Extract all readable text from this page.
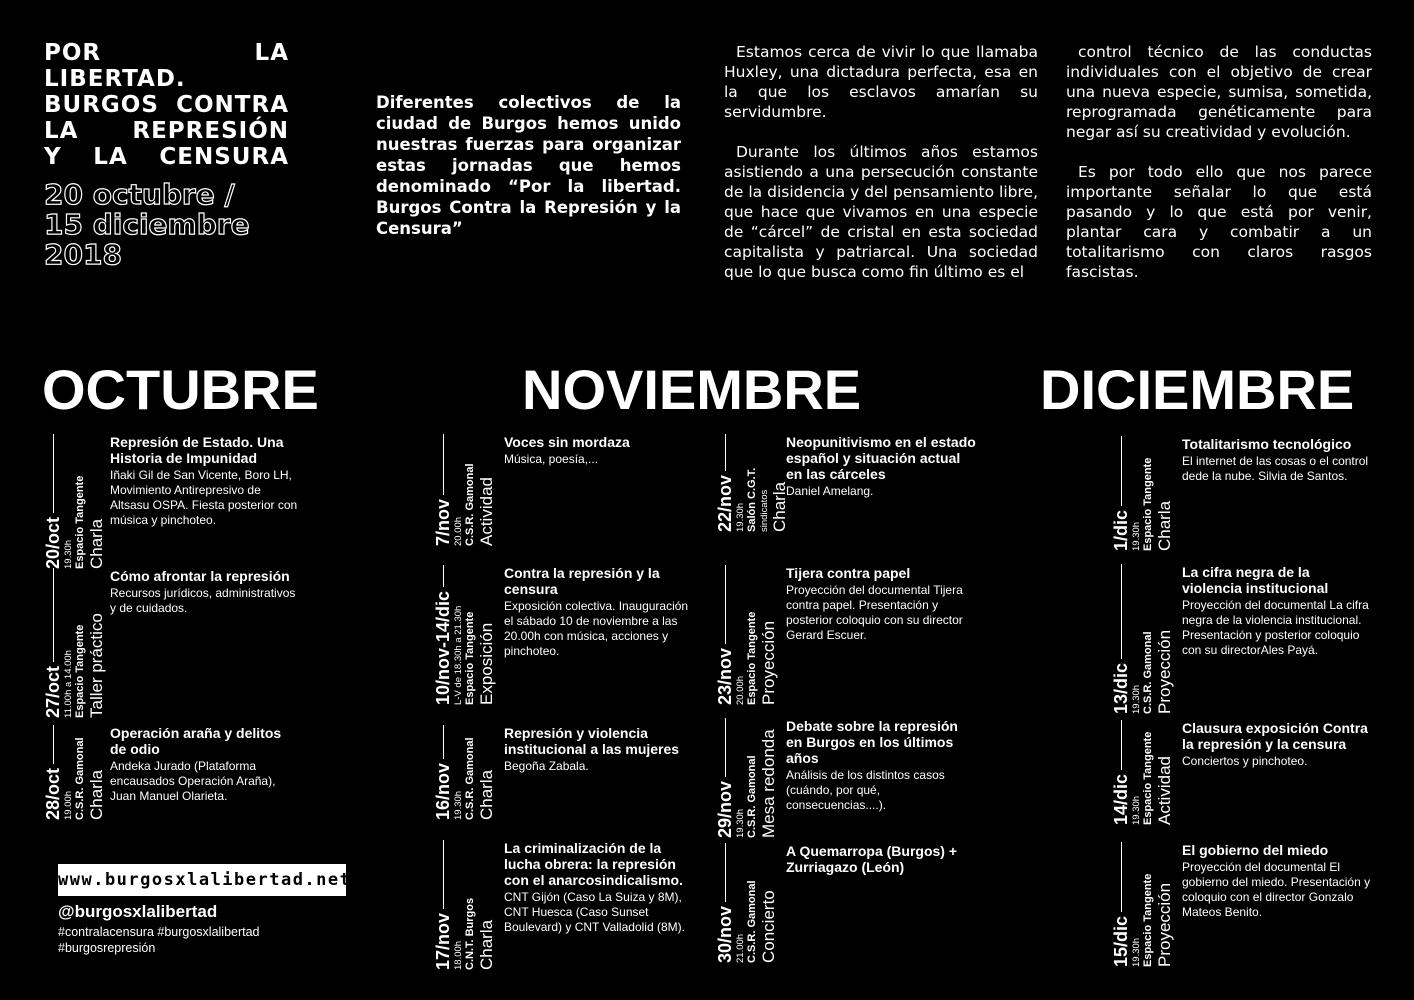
POR LA LIBERTAD.
BURGOS CONTRA
LA REPRESIÓN
Y LA CENSURA
20 octubre /
15 diciembre
2018
Diferentes colectivos de la ciudad de Burgos hemos unido nuestras fuerzas para organizar estas jornadas que hemos denominado “Por la libertad. Burgos Contra la Represión y la Censura”

Estamos cerca de vivir lo que llamaba Huxley, una dictadura perfecta, esa en la que los esclavos amarían su servidumbre.

Durante los últimos años estamos asistiendo a una persecución constante de la disidencia y del pensamiento libre, que hace que vivamos en una especie de “cárcel” de cristal en esta sociedad capitalista y patriarcal. Una sociedad que lo que busca como fin último es el

control técnico de las conductas individuales con el objetivo de crear una nueva especie, sumisa, sometida, reprogramada genéticamente para negar así su creatividad y evolución.

Es por todo ello que nos parece importante señalar lo que está pasando y lo que está por venir, plantar cara y combatir a un totalitarismo con claros rasgos fascistas.

OCTUBRE	NOVIEMBRE	DICIEMBRE
20/oct 19.30h Espacio Tangente Charla
Represión de Estado. Una Historia de Impunidad

Iñaki Gil de San Vicente, Boro LH, Movimiento Antirepresivo de Altsasu OSPA. Fiesta posterior con música y pinchoteo.

27/oct 11.00h a 14.00h Espacio Tangente Taller práctico
Cómo afrontar la represión

Recursos jurídicos, administrativos y de cuidados.

28/oct 19.00h C.S.R. Gamonal Charla
Operación araña y delitos de odio

Andeka Jurado (Plataforma encausados Operación Araña), Juan Manuel Olarieta.

7/nov 20.00h C.S.R. Gamonal Actividad
Voces sin mordaza

Música, poesía,...

10/nov-14/dic L-V de 18.30h a 21.30h Espacio Tangente Exposición
Contra la represión y la censura

Exposición colectiva. Inauguración el sábado 10 de noviembre a las 20.00h con música, acciones y pinchoteo.

16/nov 19.30h C.S.R. Gamonal Charla
Represión y violencia institucional a las mujeres

Begoña Zabala.

17/nov 18.00h C.N.T. Burgos Charla
La criminalización de la lucha obrera: la represión con el anarcosindicalismo.

CNT Gijón (Caso La Suiza y 8M), CNT Huesca (Caso Sunset Boulevard) y CNT Valladolid (8M).

22/nov 19.30h Salón C.G.T. sindicatos Charla
Neopunitivismo en el estado español y situación actual en las cárceles

Daniel Amelang.

23/nov 20.00h Espacio Tangente Proyección
Tijera contra papel

Proyección del documental Tijera contra papel. Presentación y posterior coloquio con su director Gerard Escuer.

29/nov 19.30h C.S.R. Gamonal Mesa redonda
Debate sobre la represión en Burgos en los últimos años

Análisis de los distintos casos (cuándo, por qué, consecuencias....).

30/nov 21.00h C.S.R. Gamonal Concierto
A Quemarropa (Burgos) + Zurriagazo (León)
1/dic 19.30h Espacio Tangente Charla
Totalitarismo tecnológico

El internet de las cosas o el control dede la nube. Silvia de Santos.

13/dic 19.30h C.S.R. Gamonal Proyección
La cifra negra de la violencia institucional

Proyección del documental La cifra negra de la violencia institucional. Presentación y posterior coloquio con su directorAles Payá.

14/dic 19.30h Espacio Tangente Actividad
Clausura exposición Contra la represión y la censura

Conciertos y pinchoteo.

15/dic 19.30h Espacio Tangente Proyección
El gobierno del miedo

Proyección del documental El gobierno del miedo. Presentación y coloquio con el director Gonzalo Mateos Benito.

www.burgosxlalibertad.net
@burgosxlalibertad
#contralacensura #burgosxlalibertad
#burgosrepresión
